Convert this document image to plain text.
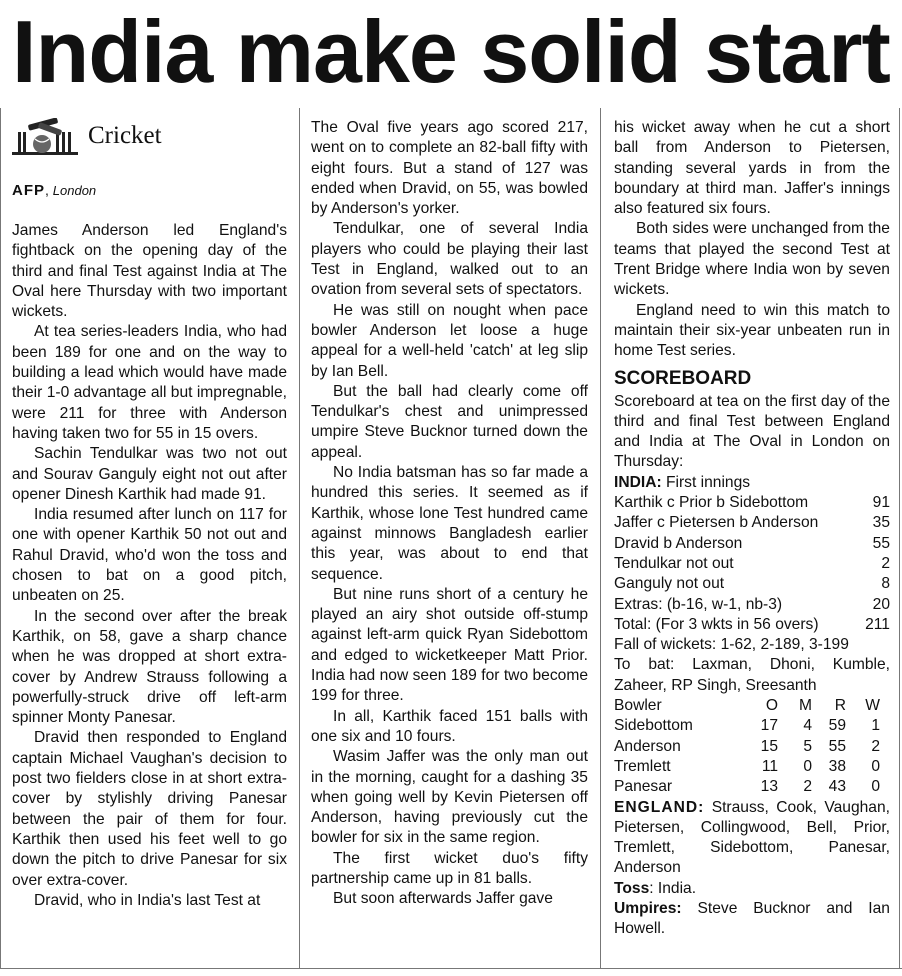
India make solid start
Cricket
AFP, London

James Anderson led England's fightback on the opening day of the third and final Test against India at The Oval here Thursday with two important wickets.

At tea series-leaders India, who had been 189 for one and on the way to building a lead which would have made their 1-0 advantage all but impregnable, were 211 for three with Anderson having taken two for 55 in 15 overs.

Sachin Tendulkar was two not out and Sourav Ganguly eight not out after opener Dinesh Karthik had made 91.

India resumed after lunch on 117 for one with opener Karthik 50 not out and Rahul Dravid, who'd won the toss and chosen to bat on a good pitch, unbeaten on 25.

In the second over after the break Karthik, on 58, gave a sharp chance when he was dropped at short extra-cover by Andrew Strauss following a powerfully-struck drive off left-arm spinner Monty Panesar.

Dravid then responded to England captain Michael Vaughan's decision to post two fielders close in at short extra-cover by stylishly driving Panesar between the pair of them for four. Karthik then used his feet well to go down the pitch to drive Panesar for six over extra-cover.

Dravid, who in India's last Test at

The Oval five years ago scored 217, went on to complete an 82-ball fifty with eight fours. But a stand of 127 was ended when Dravid, on 55, was bowled by Anderson's yorker.

Tendulkar, one of several India players who could be playing their last Test in England, walked out to an ovation from several sets of spectators.

He was still on nought when pace bowler Anderson let loose a huge appeal for a well-held 'catch' at leg slip by Ian Bell.

But the ball had clearly come off Tendulkar's chest and unimpressed umpire Steve Bucknor turned down the appeal.

No India batsman has so far made a hundred this series. It seemed as if Karthik, whose lone Test hundred came against minnows Bangladesh earlier this year, was about to end that sequence.

But nine runs short of a century he played an airy shot outside off-stump against left-arm quick Ryan Sidebottom and edged to wicketkeeper Matt Prior. India had now seen 189 for two become 199 for three.

In all, Karthik faced 151 balls with one six and 10 fours.

Wasim Jaffer was the only man out in the morning, caught for a dashing 35 when going well by Kevin Pietersen off Anderson, having previously cut the bowler for six in the same region.

The first wicket duo's fifty partnership came up in 81 balls.

But soon afterwards Jaffer gave

his wicket away when he cut a short ball from Anderson to Pietersen, standing several yards in from the boundary at third man. Jaffer's innings also featured six fours.

Both sides were unchanged from the teams that played the second Test at Trent Bridge where India won by seven wickets.

England need to win this match to maintain their six-year unbeaten run in home Test series.

SCOREBOARD

Scoreboard at tea on the first day of the third and final Test between England and India at The Oval in London on Thursday:

INDIA: First innings

Karthik c Prior b Sidebottom	91
Jaffer c Pietersen b Anderson	35
Dravid b Anderson	55
Tendulkar not out	2
Ganguly not out	8
Extras: (b-16, w-1, nb-3)	20
Total: (For 3 wkts in 56 overs)	211

Fall of wickets: 1-62, 2-189, 3-199

To bat: Laxman, Dhoni, Kumble, Zaheer, RP Singh, Sreesanth

Bowler	O	M	R	W
Sidebottom	17	4	59	1
Anderson	15	5	55	2
Tremlett	11	0	38	0
Panesar	13	2	43	0

ENGLAND: Strauss, Cook, Vaughan, Pietersen, Collingwood, Bell, Prior, Tremlett, Sidebottom, Panesar, Anderson

Toss: India.

Umpires: Steve Bucknor and Ian Howell.
